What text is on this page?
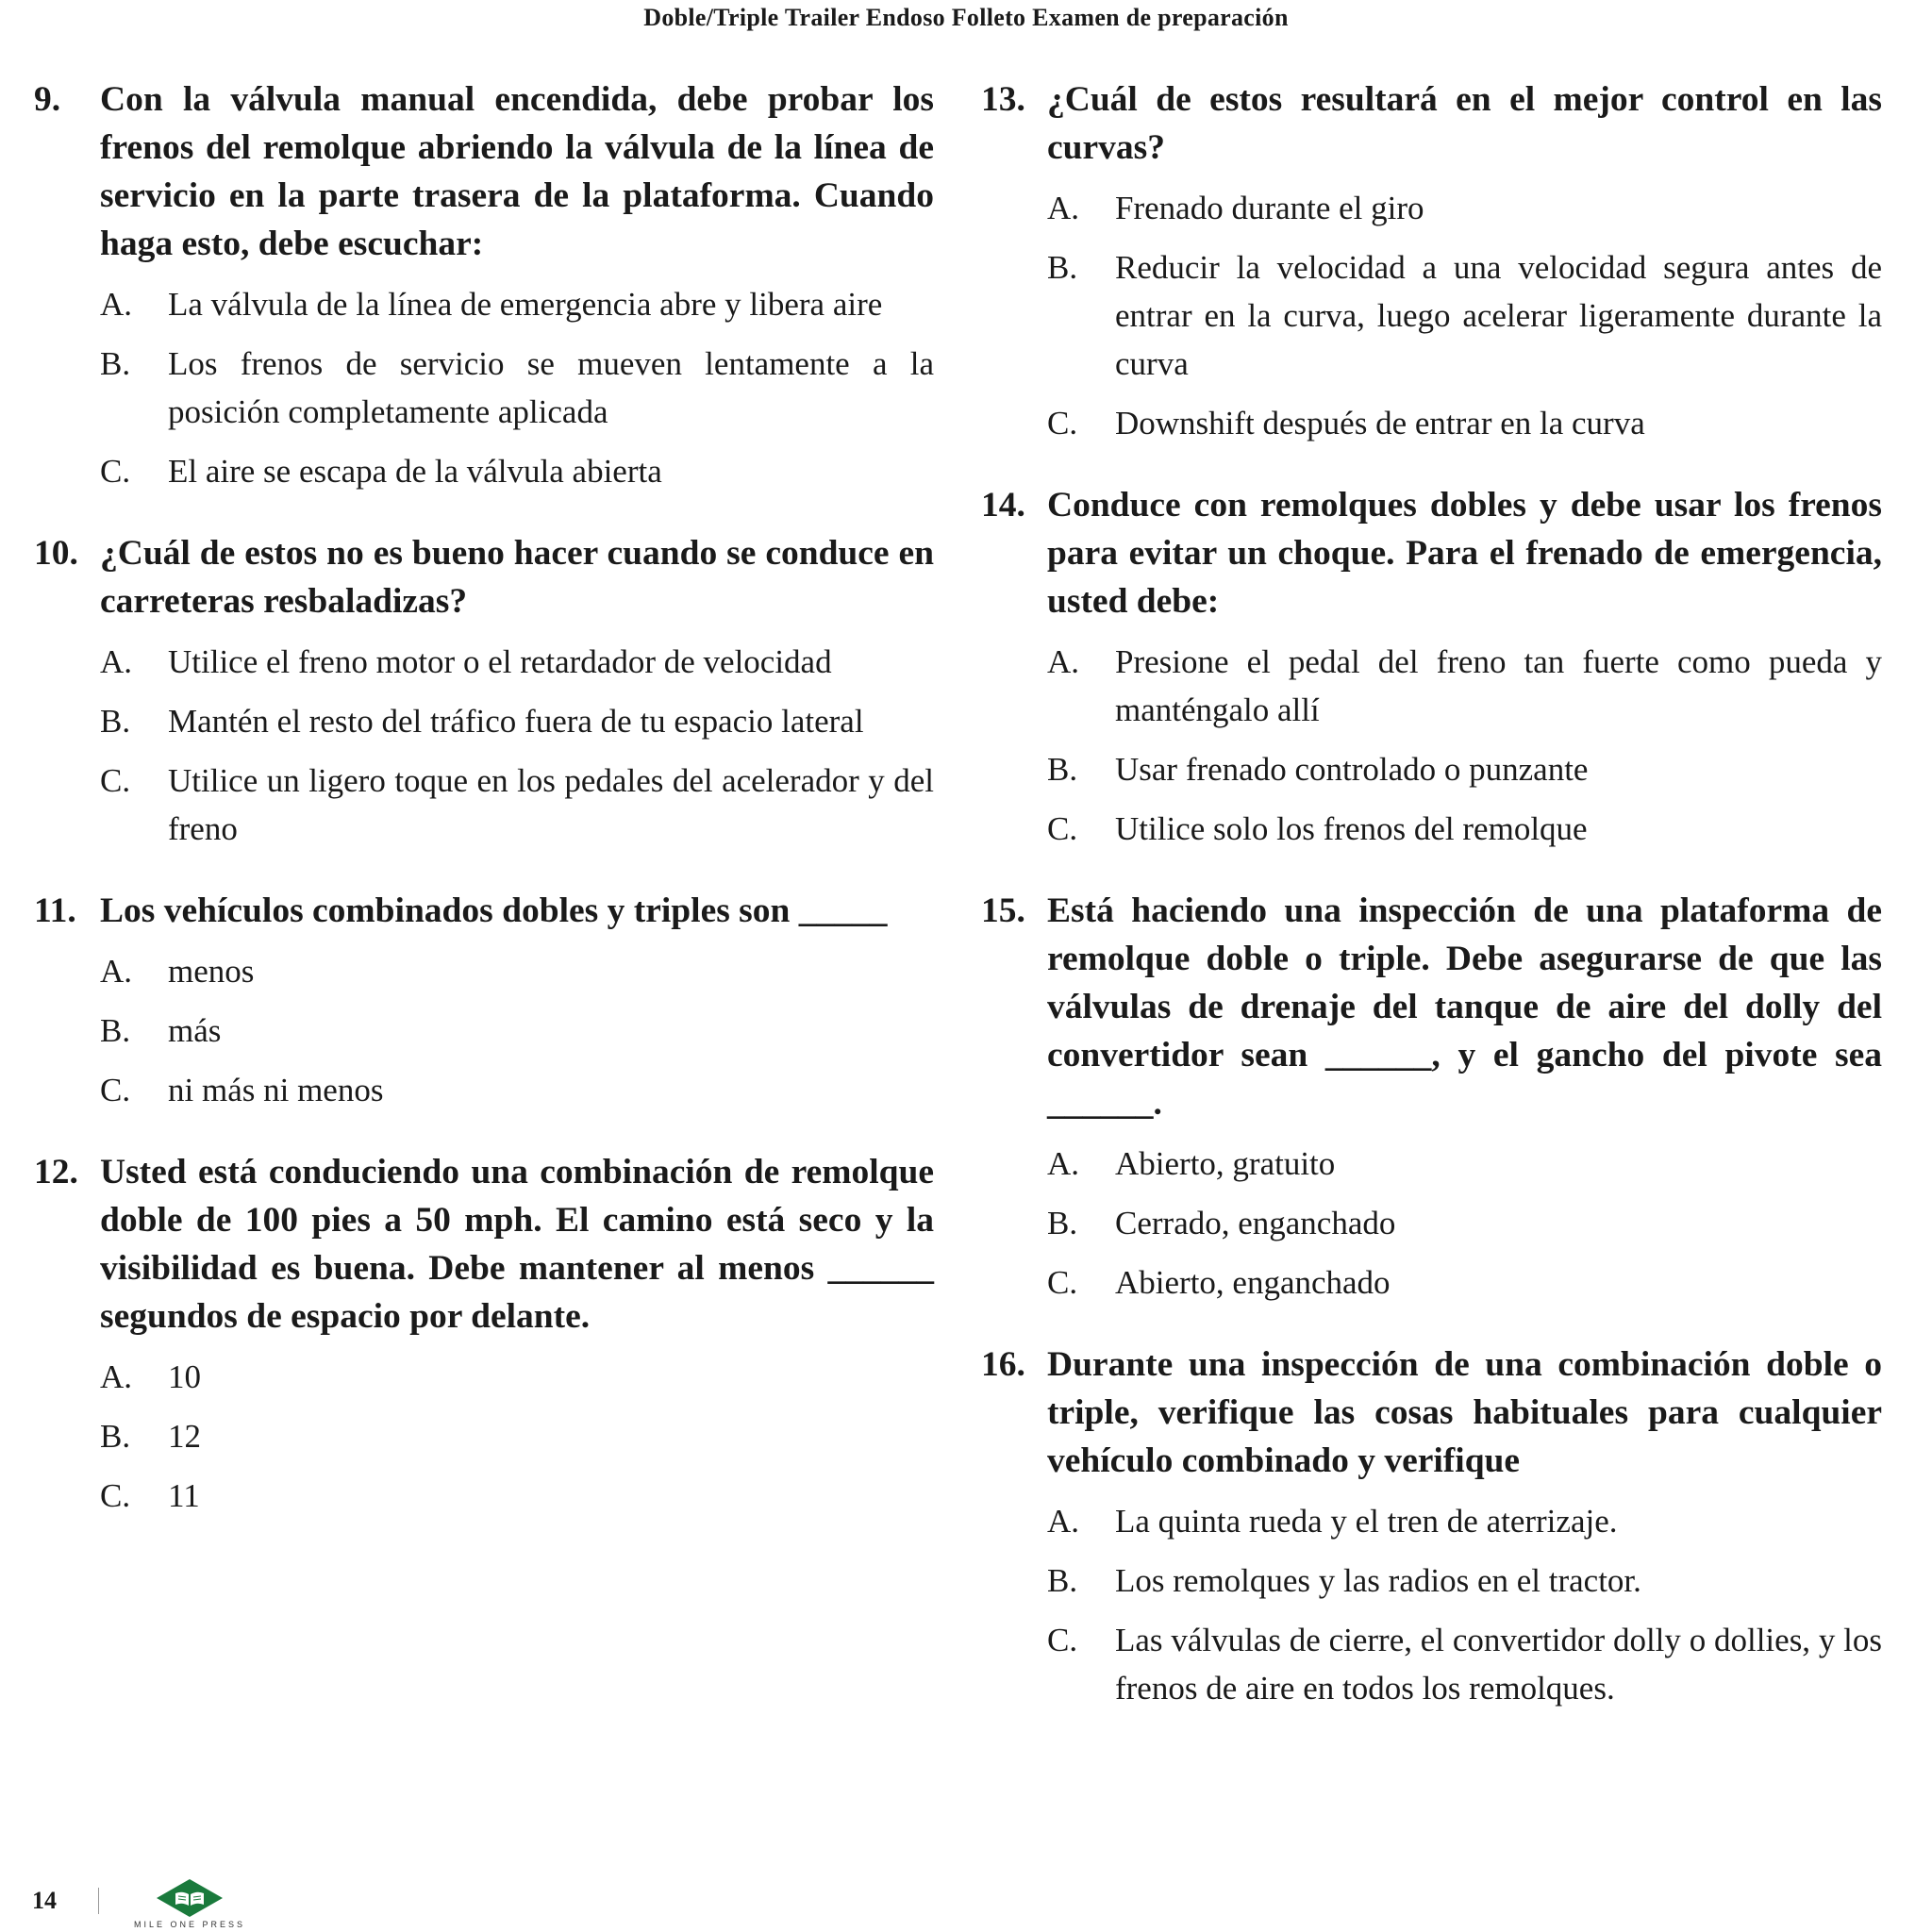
Doble/Triple Trailer Endoso Folleto Examen de preparación
9.	Con la válvula manual encendida, debe probar los frenos del remolque abriendo la válvula de la línea de servicio en la parte trasera de la plataforma. Cuando haga esto, debe escuchar:
A.	La válvula de la línea de emergencia abre y libera aire
B.	Los frenos de servicio se mueven lentamente a la posición completamente aplicada
C.	El aire se escapa de la válvula abierta
10. ¿Cuál de estos no es bueno hacer cuando se conduce en carreteras resbaladizas?
A.	Utilice el freno motor o el retardador de velocidad
B.	Mantén el resto del tráfico fuera de tu espacio lateral
C.	Utilice un ligero toque en los pedales del acelerador y del freno
11. Los vehículos combinados dobles y triples son _____
A.	menos
B.	más
C.	ni más ni menos
12. Usted está conduciendo una combinación de remolque doble de 100 pies a 50 mph. El camino está seco y la visibilidad es buena. Debe mantener al menos ______ segundos de espacio por delante.
A.	10
B.	12
C.	11
13. ¿Cuál de estos resultará en el mejor control en las curvas?
A.	Frenado durante el giro
B.	Reducir la velocidad a una velocidad segura antes de entrar en la curva, luego acelerar ligeramente durante la curva
C.	Downshift después de entrar en la curva
14. Conduce con remolques dobles y debe usar los frenos para evitar un choque. Para el frenado de emergencia, usted debe:
A.	Presione el pedal del freno tan fuerte como pueda y manténgalo allí
B.	Usar frenado controlado o punzante
C.	Utilice solo los frenos del remolque
15. Está haciendo una inspección de una plataforma de remolque doble o triple. Debe asegurarse de que las válvulas de drenaje del tanque de aire del dolly del convertidor sean ______, y el gancho del pivote sea ______.
A.	Abierto, gratuito
B.	Cerrado, enganchado
C.	Abierto, enganchado
16. Durante una inspección de una combinación doble o triple, verifique las cosas habituales para cualquier vehículo combinado y verifique
A.	La quinta rueda y el tren de aterrizaje.
B.	Los remolques y las radios en el tractor.
C.	Las válvulas de cierre, el convertidor dolly o dollies, y los frenos de aire en todos los remolques.
14
MILE ONE PRESS
